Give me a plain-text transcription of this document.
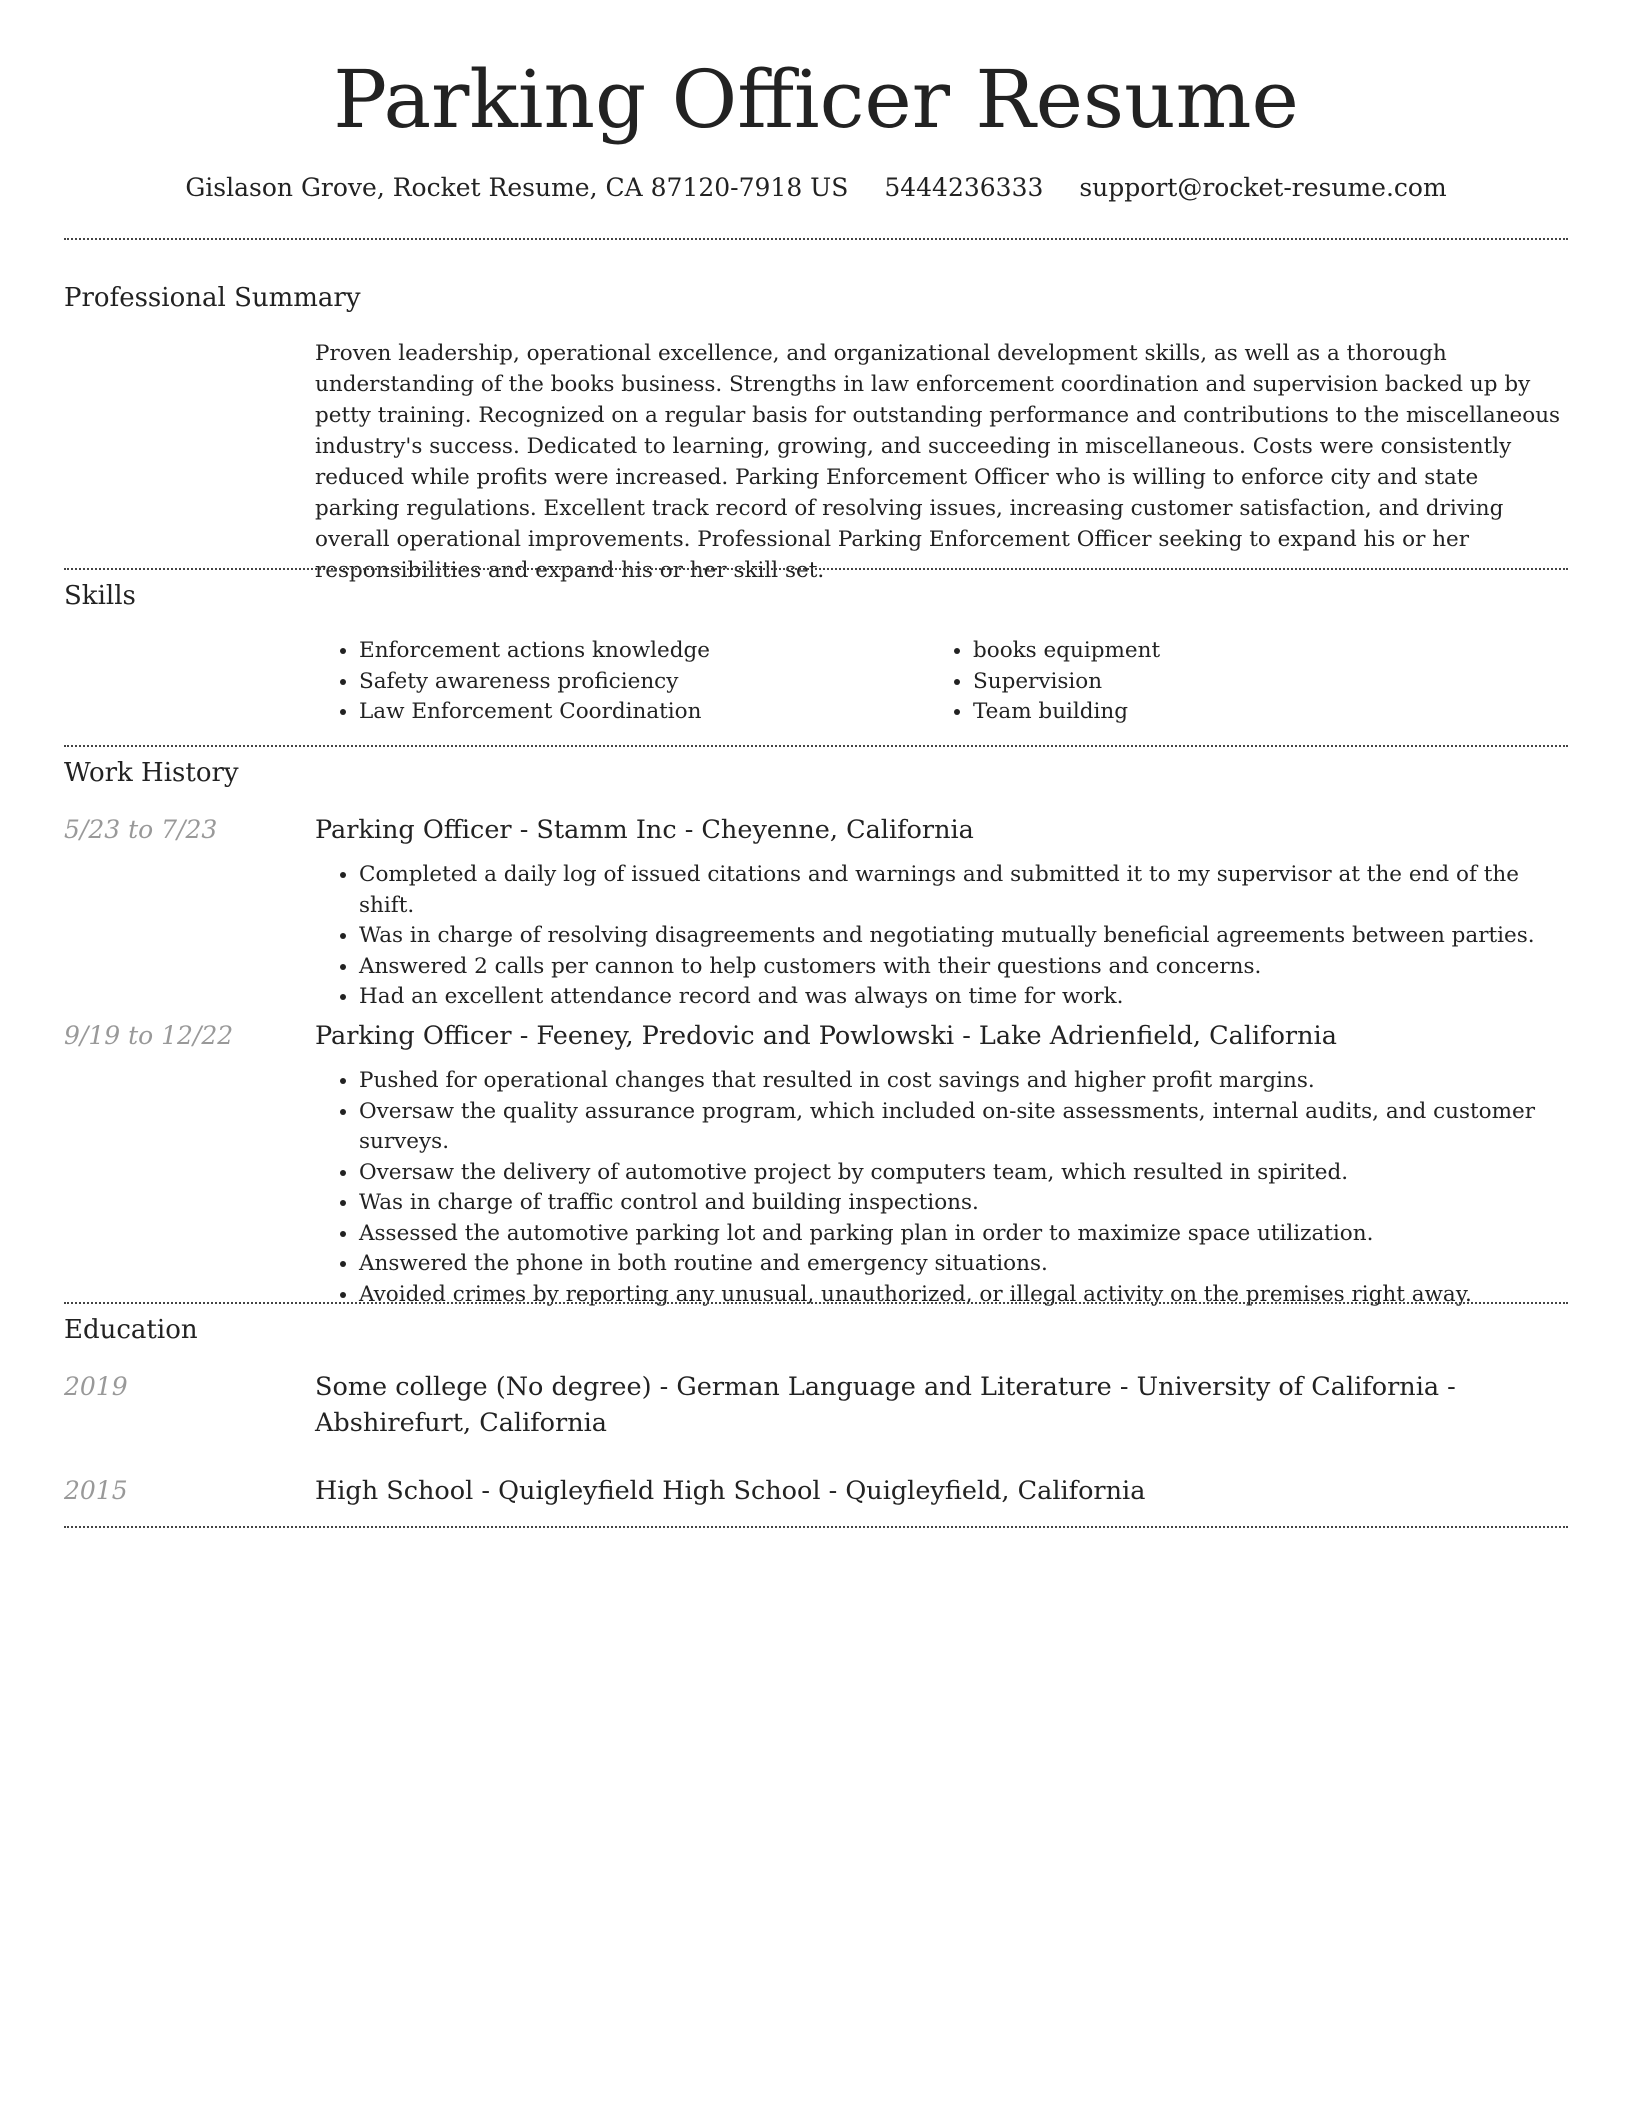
Parking Officer Resume
Gislason Grove, Rocket Resume, CA 87120-7918 US 5444236333 support@rocket-resume.com
Professional Summary

Proven leadership, operational excellence, and organizational development skills, as well as a thorough understanding of the books business. Strengths in law enforcement coordination and supervision backed up by petty training. Recognized on a regular basis for outstanding performance and contributions to the miscellaneous industry's success. Dedicated to learning, growing, and succeeding in miscellaneous. Costs were consistently reduced while profits were increased. Parking Enforcement Officer who is willing to enforce city and state parking regulations. Excellent track record of resolving issues, increasing customer satisfaction, and driving overall operational improvements. Professional Parking Enforcement Officer seeking to expand his or her responsibilities and expand his or her skill set.

Skills
• Enforcement actions knowledge
• Safety awareness proficiency
• Law Enforcement Coordination
• books equipment
• Supervision
• Team building
Work History
5/23 to 7/23	Parking Officer - Stamm Inc - Cheyenne, California

• Completed a daily log of issued citations and warnings and submitted it to my supervisor at the end of the shift.
• Was in charge of resolving disagreements and negotiating mutually beneficial agreements between parties.
• Answered 2 calls per cannon to help customers with their questions and concerns.
• Had an excellent attendance record and was always on time for work.
9/19 to 12/22	Parking Officer - Feeney, Predovic and Powlowski - Lake Adrienfield, California

• Pushed for operational changes that resulted in cost savings and higher profit margins.
• Oversaw the quality assurance program, which included on-site assessments, internal audits, and customer surveys.
• Oversaw the delivery of automotive project by computers team, which resulted in spirited.
• Was in charge of traffic control and building inspections.
• Assessed the automotive parking lot and parking plan in order to maximize space utilization.
• Answered the phone in both routine and emergency situations.
• Avoided crimes by reporting any unusual, unauthorized, or illegal activity on the premises right away.
Education
2019	Some college (No degree) - German Language and Literature - University of California - Abshirefurt, California

2015	High School - Quigleyfield High School - Quigleyfield, California
